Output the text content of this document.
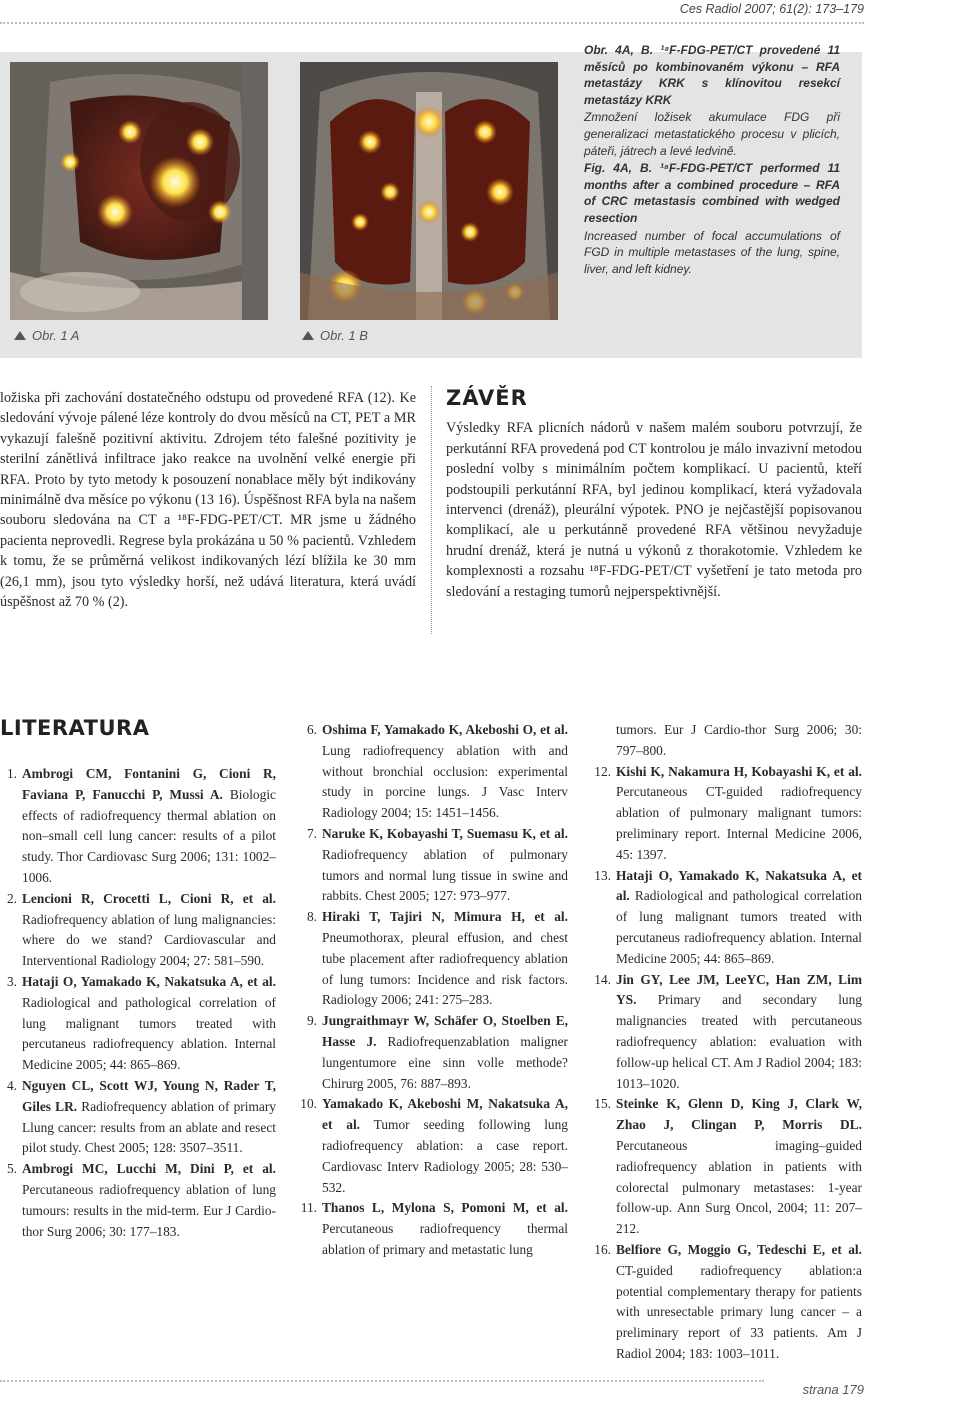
Ces Radiol 2007; 61(2): 173–179
Obr. 1 A	Obr. 1 B

Obr. 4A, B. ¹⁸F-FDG-PET/CT provedené 11 měsíců po kombinovaném výkonu – RFA metastázy KRK s klínovitou resekcí metastázy KRK

Zmnožení ložisek akumulace FDG při generalizaci metastatického procesu v plicích, páteři, játrech a levé ledvině.

Fig. 4A, B. ¹⁸F-FDG-PET/CT performed 11 months after a combined procedure – RFA of CRC metastasis combined with wedged resection

Increased number of focal accumulations of FGD in multiple metastases of the lung, spine, liver, and left kidney.

ložiska při zachování dostatečného odstupu od provedené RFA (12). Ke sledování vývoje pálené léze kontroly do dvou měsíců na CT, PET a MR vykazují falešně pozitivní aktivitu. Zdrojem této falešné pozitivity je sterilní zánětlivá infiltrace jako reakce na uvolnění velké energie při RFA. Proto by tyto metody k posouzení nonablace měly být indikovány minimálně dva měsíce po výkonu (13 16). Úspěšnost RFA byla na našem souboru sledována na CT a ¹⁸F-FDG-PET/CT. MR jsme u žádného pacienta neprovedli. Regrese byla prokázána u 50 % pacientů. Vzhledem k tomu, že se průměrná velikost indikovaných lézí blížila ke 30 mm (26,1 mm), jsou tyto výsledky horší, než udává literatura, která uvádí úspěšnost až 70 % (2).
ZÁVĚR
Výsledky RFA plicních nádorů v našem malém souboru potvrzují, že perkutánní RFA provedená pod CT kontrolou je málo invazivní metodou poslední volby s minimálním počtem komplikací. U pacientů, kteří podstoupili perkutánní RFA, byl jedinou komplikací, která vyžadovala intervenci (drenáž), pleurální výpotek. PNO je nejčastější popisovanou komplikací, ale u perkutánně provedené RFA většinou nevyžaduje hrudní drenáž, která je nutná u výkonů z thorakotomie. Vzhledem ke komplexnosti a rozsahu ¹⁸F-FDG-PET/CT vyšetření je tato metoda pro sledování a restaging tumorů nejperspektivnější.
LITERATURA
1. Ambrogi CM, Fontanini G, Cioni R, Faviana P, Fanucchi P, Mussi A. Biologic effects of radiofrequency thermal ablation on non–small cell lung cancer: results of a pilot study. Thor Cardiovasc Surg 2006; 131: 1002–1006.
2. Lencioni R, Crocetti L, Cioni R, et al. Radiofrequency ablation of lung malignancies: where do we stand? Cardiovascular and Interventional Radiology 2004; 27: 581–590.
3. Hataji O, Yamakado K, Nakatsuka A, et al. Radiological and pathological correlation of lung malignant tumors treated with percutaneus radiofrequency ablation. Internal Medicine 2005; 44: 865–869.
4. Nguyen CL, Scott WJ, Young N, Rader T, Giles LR. Radiofrequency ablation of primary Llung cancer: results from an ablate and resect pilot study. Chest 2005; 128: 3507–3511.
5. Ambrogi MC, Lucchi M, Dini P, et al. Percutaneous radiofrequency ablation of lung tumours: results in the mid-term. Eur J Cardio-thor Surg 2006; 30: 177–183.
6. Oshima F, Yamakado K, Akeboshi O, et al. Lung radiofrequency ablation with and without bronchial occlusion: experimental study in porcine lungs. J Vasc Interv Radiology 2004; 15: 1451–1456.
7. Naruke K, Kobayashi T, Suemasu K, et al. Radiofrequency ablation of pulmonary tumors and normal lung tissue in swine and rabbits. Chest 2005; 127: 973–977.
8. Hiraki T, Tajiri N, Mimura H, et al. Pneumothorax, pleural effusion, and chest tube placement after radiofrequency ablation of lung tumors: Incidence and risk factors. Radiology 2006; 241: 275–283.
9. Jungraithmayr W, Schäfer O, Stoelben E, Hasse J. Radiofrequenzablation maligner lungentumore eine sinn volle methode? Chirurg 2005, 76: 887–893.
10. Yamakado K, Akeboshi M, Nakatsuka A, et al. Tumor seeding following lung radiofrequency ablation: a case report. Cardiovasc Interv Radiology 2005; 28: 530–532.
11. Thanos L, Mylona S, Pomoni M, et al. Percutaneous radiofrequency thermal ablation of primary and metastatic lung
tumors. Eur J Cardio-thor Surg 2006; 30: 797–800.
12. Kishi K, Nakamura H, Kobayashi K, et al. Percutaneous CT-guided radiofrequency ablation of pulmonary malignant tumors: preliminary report. Internal Medicine 2006, 45: 1397.
13. Hataji O, Yamakado K, Nakatsuka A, et al. Radiological and pathological correlation of lung malignant tumors treated with percutaneus radiofrequency ablation. Internal Medicine 2005; 44: 865–869.
14. Jin GY, Lee JM, LeeYC, Han ZM, Lim YS. Primary and secondary lung malignancies treated with percutaneous radiofrequency ablation: evaluation with follow-up helical CT. Am J Radiol 2004; 183: 1013–1020.
15. Steinke K, Glenn D, King J, Clark W, Zhao J, Clingan P, Morris DL. Percutaneous imaging–guided radiofrequency ablation in patients with colorectal pulmonary metastases: 1-year follow-up. Ann Surg Oncol, 2004; 11: 207–212.
16. Belfiore G, Moggio G, Tedeschi E, et al. CT-guided radiofrequency ablation:a potential complementary therapy for patients with unresectable primary lung cancer – a preliminary report of 33 patients. Am J Radiol 2004; 183: 1003–1011.
strana 179
